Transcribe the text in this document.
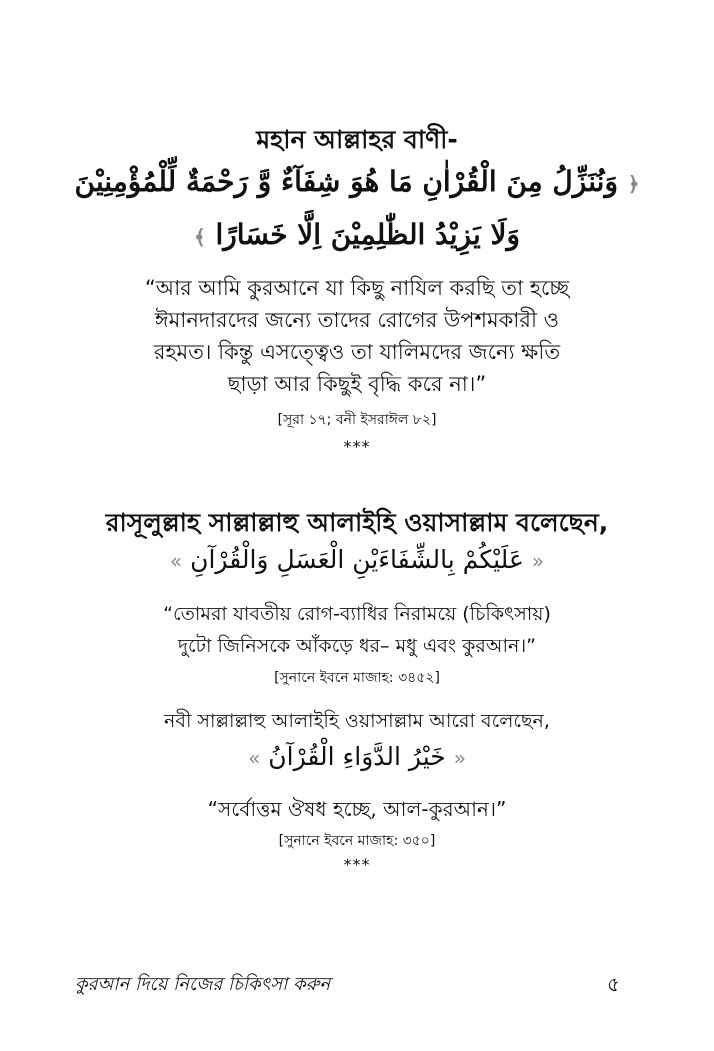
মহান আল্লাহর বাণী-
﴿ وَنُنَزِّلُ مِنَ الْقُرْاٰنِ مَا هُوَ شِفَآءٌ وَّ رَحْمَةٌ لِّلْمُؤْمِنِيْنَ
وَلَا يَزِيْدُ الظّٰلِمِيْنَ اِلَّا خَسَارًا ﴾
“আর আমি কুরআনে যা কিছু নাযিল করছি তা হচ্ছে
ঈমানদারদের জন্যে তাদের রোগের উপশমকারী ও
রহমত। কিন্তু এসত্ত্বেও তা যালিমদের জন্যে ক্ষতি
ছাড়া আর কিছুই বৃদ্ধি করে না।”
[সূরা ১৭; বনী ইসরাঈল ৮২]
***
রাসূলুল্লাহ সাল্লাল্লাহু আলাইহি ওয়াসাল্লাম বলেছেন,
« عَلَيْكُمْ بِالشِّفَاءَيْنِ الْعَسَلِ وَالْقُرْآنِ »
“তোমরা যাবতীয় রোগ-ব্যাধির নিরাময়ে (চিকিৎসায়)
দুটো জিনিসকে আঁকড়ে ধর– মধু এবং কুরআন।”
[সুনানে ইবনে মাজাহ: ৩৪৫২]
নবী সাল্লাল্লাহু আলাইহি ওয়াসাল্লাম আরো বলেছেন,
« خَيْرُ الدَّوَاءِ الْقُرْآنُ »
“সর্বোত্তম ঔষধ হচ্ছে, আল-কুরআন।”
[সুনানে ইবনে মাজাহ: ৩৫০]
***
কুরআন দিয়ে নিজের চিকিৎসা করুন	৫
